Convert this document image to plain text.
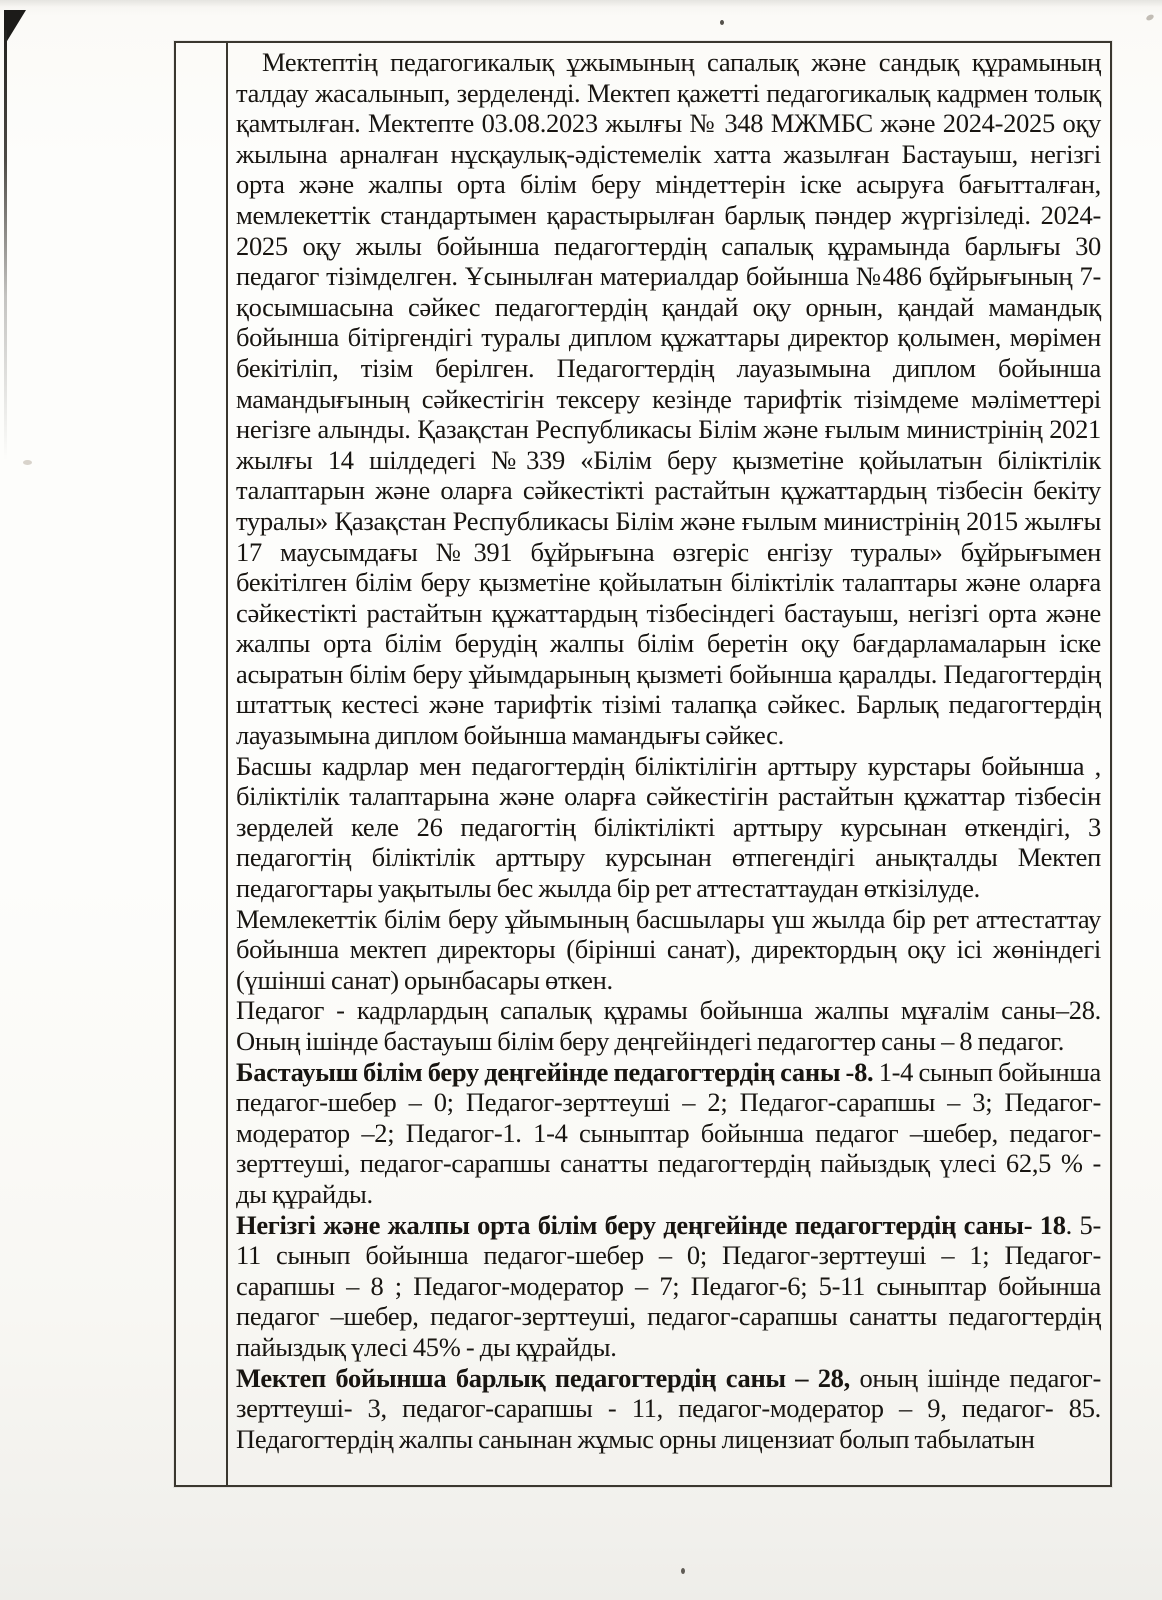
Мектептің педагогикалық ұжымының сапалық және сандық құрамының талдау жасалынып, зерделенді. Мектеп қажетті педагогикалық кадрмен толық қамтылған. Мектепте 03.08.2023 жылғы № 348 МЖМБС және 2024-2025 оқу жылына арналған нұсқаулық-әдістемелік хатта жазылған Бастауыш, негізгі орта және жалпы орта білім беру міндеттерін іске асыруға бағытталған, мемлекеттік стандартымен қарастырылған барлық пәндер жүргізіледі. 2024-2025 оқу жылы бойынша педагогтердің сапалық құрамында барлығы 30 педагог тізімделген. Ұсынылған материалдар бойынша №486 бұйрығының 7-қосымшасына сәйкес педагогтердің қандай оқу орнын, қандай мамандық бойынша бітіргендігі туралы диплом құжаттары директор қолымен, мөрімен бекітіліп, тізім берілген. Педагогтердің лауазымына диплом бойынша мамандығының сәйкестігін тексеру кезінде тарифтік тізімдеме мәліметтері негізге алынды. Қазақстан Республикасы Білім және ғылым министрінің 2021 жылғы 14 шілдедегі №339 «Білім беру қызметіне қойылатын біліктілік талаптарын және оларға сәйкестікті растайтын құжаттардың тізбесін бекіту туралы» Қазақстан Республикасы Білім және ғылым министрінің 2015 жылғы 17 маусымдағы №391 бұйрығына өзгеріс енгізу туралы» бұйрығымен бекітілген білім беру қызметіне қойылатын біліктілік талаптары және оларға сәйкестікті растайтын құжаттардың тізбесіндегі бастауыш, негізгі орта және жалпы орта білім берудің жалпы білім беретін оқу бағдарламаларын іске асыратын білім беру ұйымдарының қызметі бойынша қаралды. Педагогтердің штаттық кестесі және тарифтік тізімі талапқа сәйкес. Барлық педагогтердің лауазымына диплом бойынша мамандығы сәйкес.

Басшы кадрлар мен педагогтердің біліктілігін арттыру курстары бойынша , біліктілік талаптарына және оларға сәйкестігін растайтын құжаттар тізбесін зерделей келе 26 педагогтің біліктілікті арттыру курсынан өткендігі, 3 педагогтің біліктілік арттыру курсынан өтпегендігі анықталды Мектеп педагогтары уақытылы бес жылда бір рет аттестаттаудан өткізілуде.

Мемлекеттік білім беру ұйымының басшылары үш жылда бір рет аттестаттау бойынша мектеп директоры (бірінші санат), директордың оқу ісі жөніндегі (үшінші санат) орынбасары өткен.

Педагог - кадрлардың сапалық құрамы бойынша жалпы мұғалім саны–28. Оның ішінде бастауыш білім беру деңгейіндегі педагогтер саны – 8 педагог.

Бастауыш білім беру деңгейінде педагогтердің саны -8. 1-4 сынып бойынша педагог-шебер – 0; Педагог-зерттеуші – 2; Педагог-сарапшы – 3; Педагог-модератор –2; Педагог-1. 1-4 сыныптар бойынша педагог –шебер, педагог-зерттеуші, педагог-сарапшы санатты педагогтердің пайыздық үлесі 62,5 % - ды құрайды.

Негізгі және жалпы орта білім беру деңгейінде педагогтердің саны- 18. 5-11 сынып бойынша педагог-шебер – 0; Педагог-зерттеуші – 1; Педагог-сарапшы – 8 ; Педагог-модератор – 7; Педагог-6; 5-11 сыныптар бойынша педагог –шебер, педагог-зерттеуші, педагог-сарапшы санатты педагогтердің пайыздық үлесі 45% - ды құрайды.

Мектеп бойынша барлық педагогтердің саны – 28, оның ішінде педагог-зерттеуші- 3, педагог-сарапшы - 11, педагог-модератор – 9, педагог- 85. Педагогтердің жалпы санынан жұмыс орны лицензиат болып табылатын
